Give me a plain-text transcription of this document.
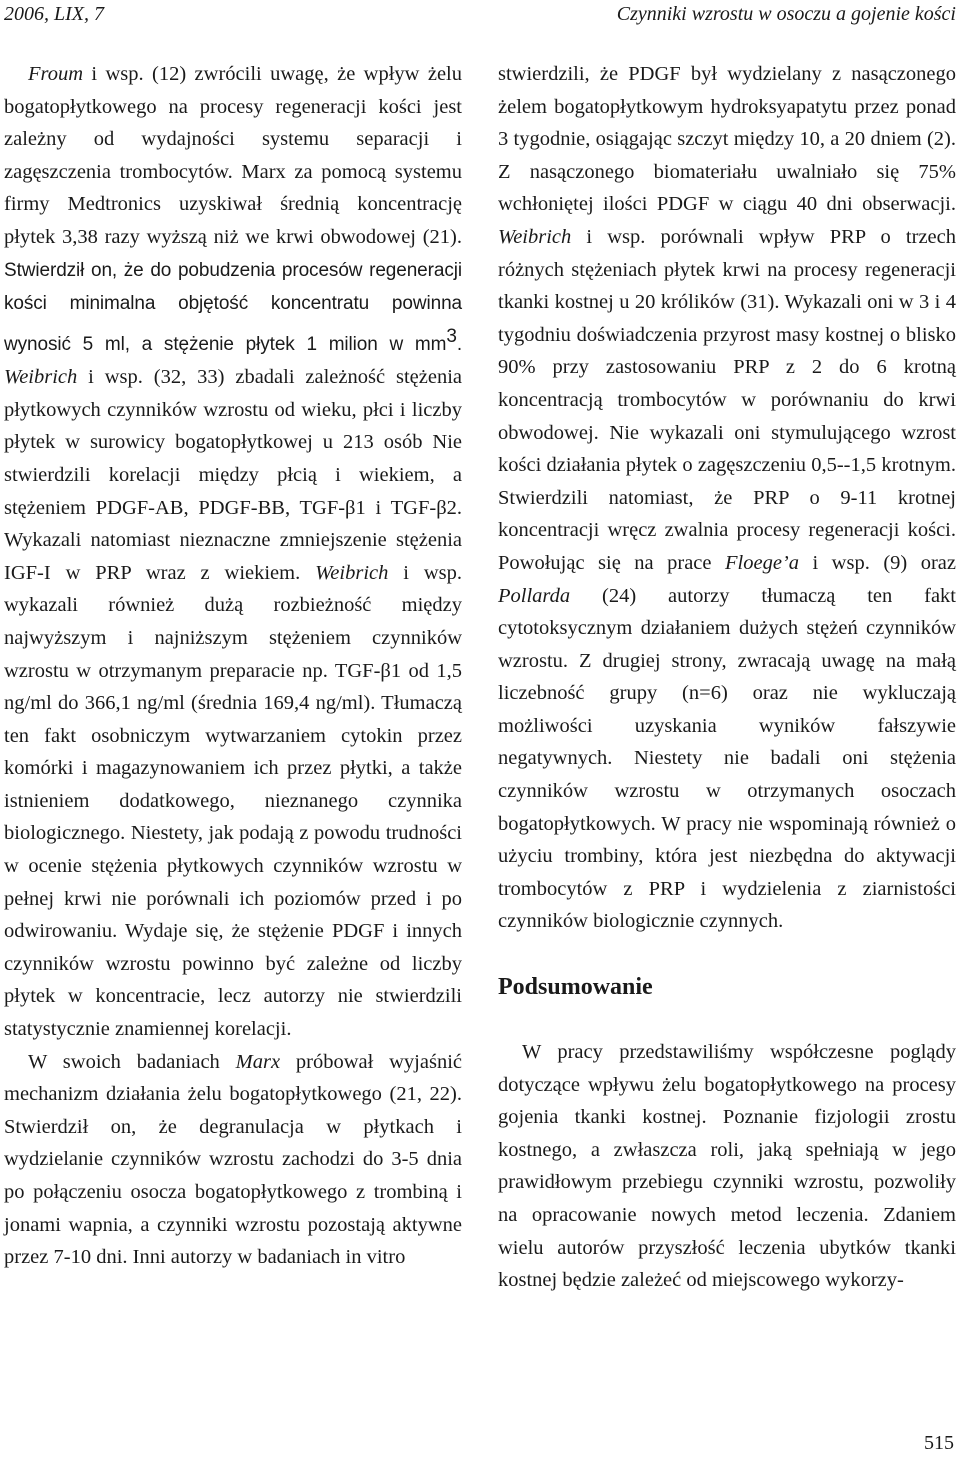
2006, LIX, 7	Czynniki wzrostu w osoczu a gojenie kości

Froum i wsp. (12) zwrócili uwagę, że wpływ żelu bogatopłytkowego na procesy regeneracji kości jest zależny od wydajności systemu separacji i zagęszczenia trombocytów. Marx za pomocą systemu firmy Medtronics uzyskiwał średnią koncentrację płytek 3,38 razy wyższą niż we krwi obwodowej (21). Stwierdził on, że do pobudzenia procesów regeneracji kości minimalna objętość koncentratu powinna wynosić 5 ml, a stężenie płytek 1 milion w $mm^3$. Weibrich i wsp. (32, 33) zbadali zależność stężenia płytkowych czynników wzrostu od wieku, płci i liczby płytek w surowicy bogatopłytkowej u 213 osób Nie stwierdzili korelacji między płcią i wiekiem, a stężeniem PDGF-AB, PDGF-BB, TGF-β1 i TGF-β2. Wykazali natomiast nieznaczne zmniejszenie stężenia IGF-I w PRP wraz z wiekiem. Weibrich i wsp. wykazali również dużą rozbieżność między najwyższym i najniższym stężeniem czynników wzrostu w otrzymanym preparacie np. TGF-β1 od 1,5 ng/ml do 366,1 ng/ml (średnia 169,4 ng/ml). Tłumaczą ten fakt osobniczym wytwarzaniem cytokin przez komórki i magazynowaniem ich przez płytki, a także istnieniem dodatkowego, nieznanego czynnika biologicznego. Niestety, jak podają z powodu trudności w ocenie stężenia płytkowych czynników wzrostu w pełnej krwi nie porównali ich poziomów przed i po odwirowaniu. Wydaje się, że stężenie PDGF i innych czynników wzrostu powinno być zależne od liczby płytek w koncentracie, lecz autorzy nie stwierdzili statystycznie znamiennej korelacji.

W swoich badaniach Marx próbował wyjaśnić mechanizm działania żelu bogatopłytkowego (21, 22). Stwierdził on, że degranulacja w płytkach i wydzielanie czynników wzrostu zachodzi do 3-5 dnia po połączeniu osocza bogatopłytkowego z trombiną i jonami wapnia, a czynniki wzrostu pozostają aktywne przez 7-10 dni. Inni autorzy w badaniach in vitro

stwierdzili, że PDGF był wydzielany z nasączonego żelem bogatopłytkowym hydroksyapatytu przez ponad 3 tygodnie, osiągając szczyt między 10, a 20 dniem (2). Z nasączonego biomateriału uwalniało się 75% wchłoniętej ilości PDGF w ciągu 40 dni obserwacji. Weibrich i wsp. porównali wpływ PRP o trzech różnych stężeniach płytek krwi na procesy regeneracji tkanki kostnej u 20 królików (31). Wykazali oni w 3 i 4 tygodniu doświadczenia przyrost masy kostnej o blisko 90% przy zastosowaniu PRP z 2 do 6 krotną koncentracją trombocytów w porównaniu do krwi obwodowej. Nie wykazali oni stymulującego wzrost kości działania płytek o zagęszczeniu 0,5--1,5 krotnym. Stwierdzili natomiast, że PRP o 9-11 krotnej koncentracji wręcz zwalnia procesy regeneracji kości. Powołując się na prace Floege’a i wsp. (9) oraz Pollarda (24) autorzy tłumaczą ten fakt cytotoksycznym działaniem dużych stężeń czynników wzrostu. Z drugiej strony, zwracają uwagę na małą liczebność grupy (n=6) oraz nie wykluczają możliwości uzyskania wyników fałszywie negatywnych. Niestety nie badali oni stężenia czynników wzrostu w otrzymanych osoczach bogatopłytkowych. W pracy nie wspominają również o użyciu trombiny, która jest niezbędna do aktywacji trombocytów z PRP i wydzielenia z ziarnistości czynników biologicznie czynnych.

Podsumowanie

W pracy przedstawiliśmy współczesne poglądy dotyczące wpływu żelu bogatopłytkowego na procesy gojenia tkanki kostnej. Poznanie fizjologii zrostu kostnego, a zwłaszcza roli, jaką spełniają w jego prawidłowym przebiegu czynniki wzrostu, pozwoliły na opracowanie nowych metod leczenia. Zdaniem wielu autorów przyszłość leczenia ubytków tkanki kostnej będzie zależeć od miejscowego wykorzy-

515
